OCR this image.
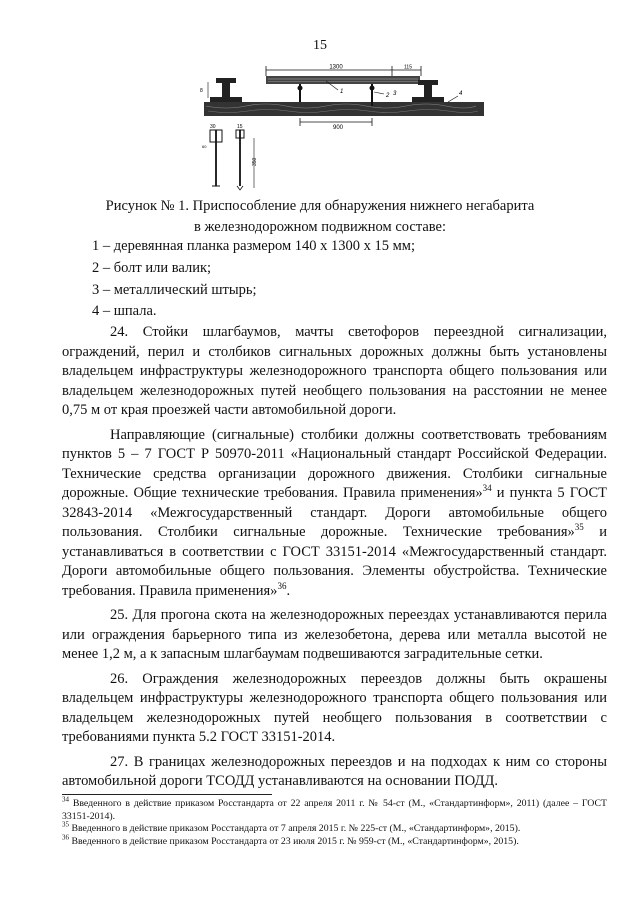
15
1300	115
1
2 3	4
8
900
30
60
15
350
Рисунок № 1. Приспособление для обнаружения нижнего негабарита
в железнодорожном подвижном составе:
1 – деревянная планка размером 140 х 1300 х 15 мм;
2 – болт или валик;
3 – металлический штырь;
4 – шпала.

24. Стойки шлагбаумов, мачты светофоров переездной сигнализации, ограждений, перил и столбиков сигнальных дорожных должны быть установлены владельцем инфраструктуры железнодорожного транспорта общего пользования или владельцем железнодорожных путей необщего пользования на расстоянии не менее 0,75 м от края проезжей части автомобильной дороги.

Направляющие (сигнальные) столбики должны соответствовать требованиям пунктов 5 – 7 ГОСТ Р 50970-2011 «Национальный стандарт Российской Федерации. Технические средства организации дорожного движения. Столбики сигнальные дорожные. Общие технические требования. Правила применения»$^{34}$ и пункта 5 ГОСТ 32843-2014 «Межгосударственный стандарт. Дороги автомобильные общего пользования. Столбики сигнальные дорожные. Технические требования»$^{35}$ и устанавливаться в соответствии с ГОСТ 33151-2014 «Межгосударственный стандарт. Дороги автомобильные общего пользования. Элементы обустройства. Технические требования. Правила применения»$^{36}$.

25. Для прогона скота на железнодорожных переездах устанавливаются перила или ограждения барьерного типа из железобетона, дерева или металла высотой не менее 1,2 м, а к запасным шлагбаумам подвешиваются заградительные сетки.

26. Ограждения железнодорожных переездов должны быть окрашены владельцем инфраструктуры железнодорожного транспорта общего пользования или владельцем железнодорожных путей необщего пользования в соответствии с требованиями пункта 5.2 ГОСТ 33151-2014.

27. В границах железнодорожных переездов и на подходах к ним со стороны автомобильной дороги ТСОДД устанавливаются на основании ПОДД.

$^{34}$ Введенного в действие приказом Росстандарта от 22 апреля 2011 г. № 54-ст (М., «Стандартинформ», 2011) (далее – ГОСТ 33151-2014).
$^{35}$ Введенного в действие приказом Росстандарта от 7 апреля 2015 г. № 225-ст (М., «Стандартинформ», 2015).
$^{36}$ Введенного в действие приказом Росстандарта от 23 июля 2015 г. № 959-ст (М., «Стандартинформ», 2015).
